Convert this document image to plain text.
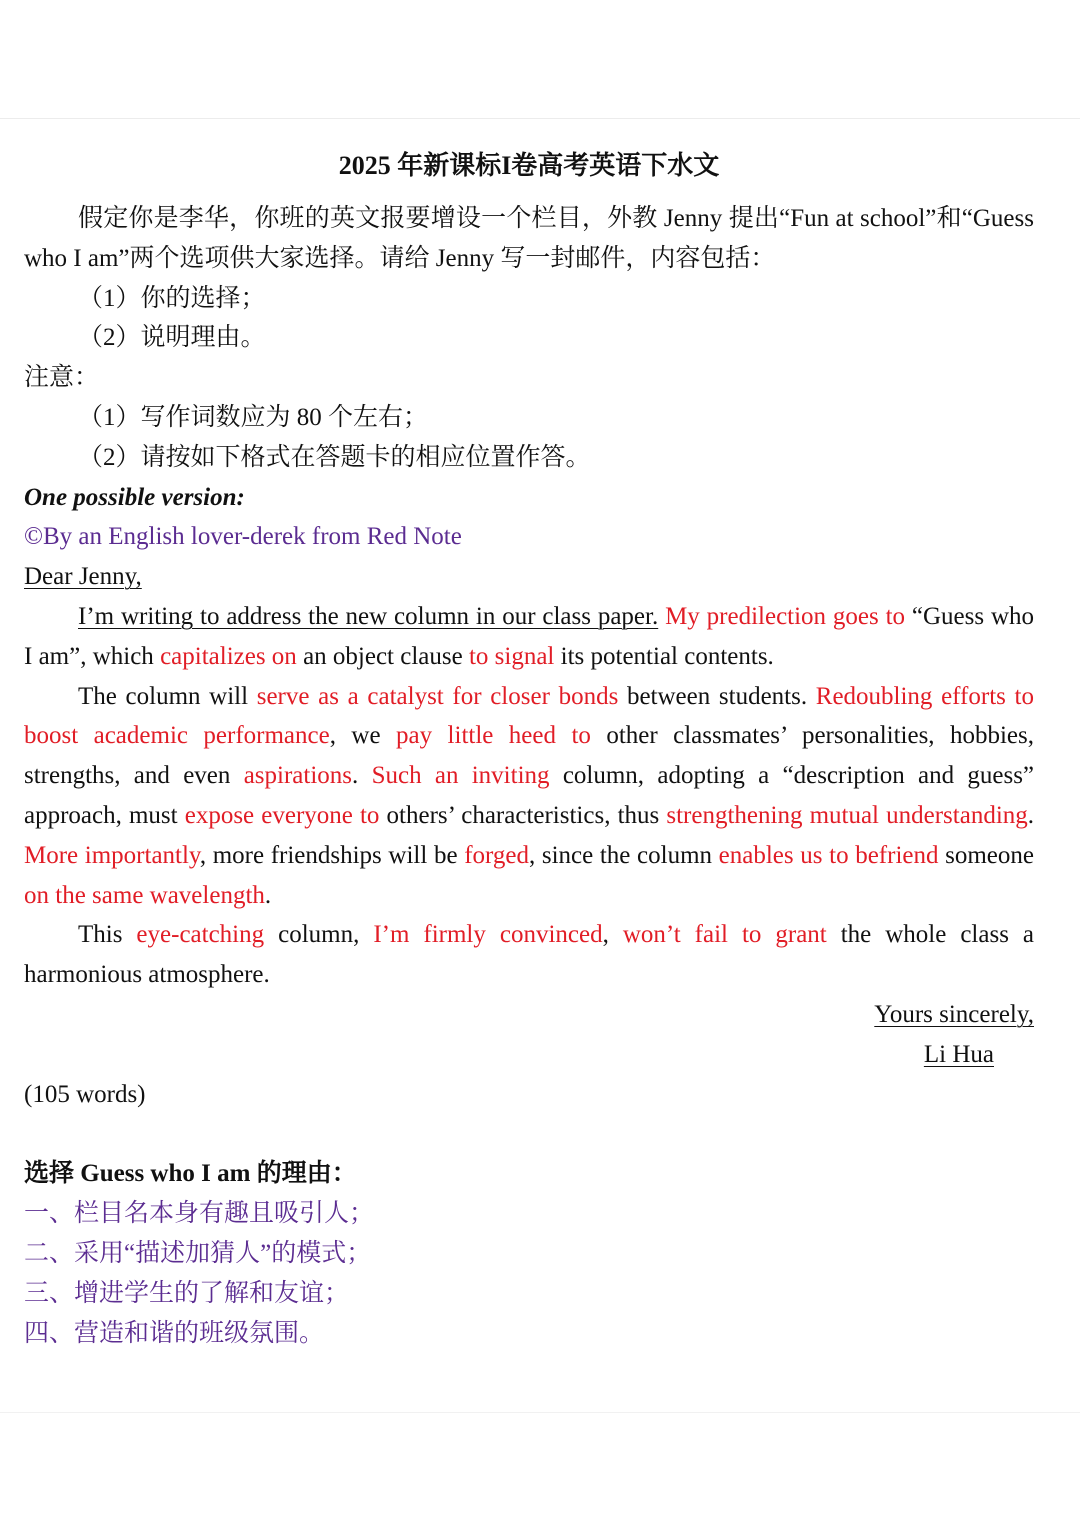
2025 年新课标I卷高考英语下水文

假定你是李华，你班的英文报要增设一个栏目，外教 Jenny 提出“Fun at school”和“Guess who I am”两个选项供大家选择。请给 Jenny 写一封邮件，内容包括：

（1）你的选择；

（2）说明理由。

注意：

（1）写作词数应为 80 个左右；

（2）请按如下格式在答题卡的相应位置作答。

One possible version:

©By an English lover-derek from Red Note

Dear Jenny,

I’m writing to address the new column in our class paper. My predilection goes to “Guess who I am”, which capitalizes on an object clause to signal its potential contents.

The column will serve as a catalyst for closer bonds between students. Redoubling efforts to boost academic performance, we pay little heed to other classmates’ personalities, hobbies, strengths, and even aspirations. Such an inviting column, adopting a “description and guess” approach, must expose everyone to others’ characteristics, thus strengthening mutual understanding. More importantly, more friendships will be forged, since the column enables us to befriend someone on the same wavelength.

This eye-catching column, I’m firmly convinced, won’t fail to grant the whole class a harmonious atmosphere.

Yours sincerely,

Li Hua

(105 words)

选择 Guess who I am 的理由：

一、栏目名本身有趣且吸引人；

二、采用“描述加猜人”的模式；

三、增进学生的了解和友谊；

四、营造和谐的班级氛围。
